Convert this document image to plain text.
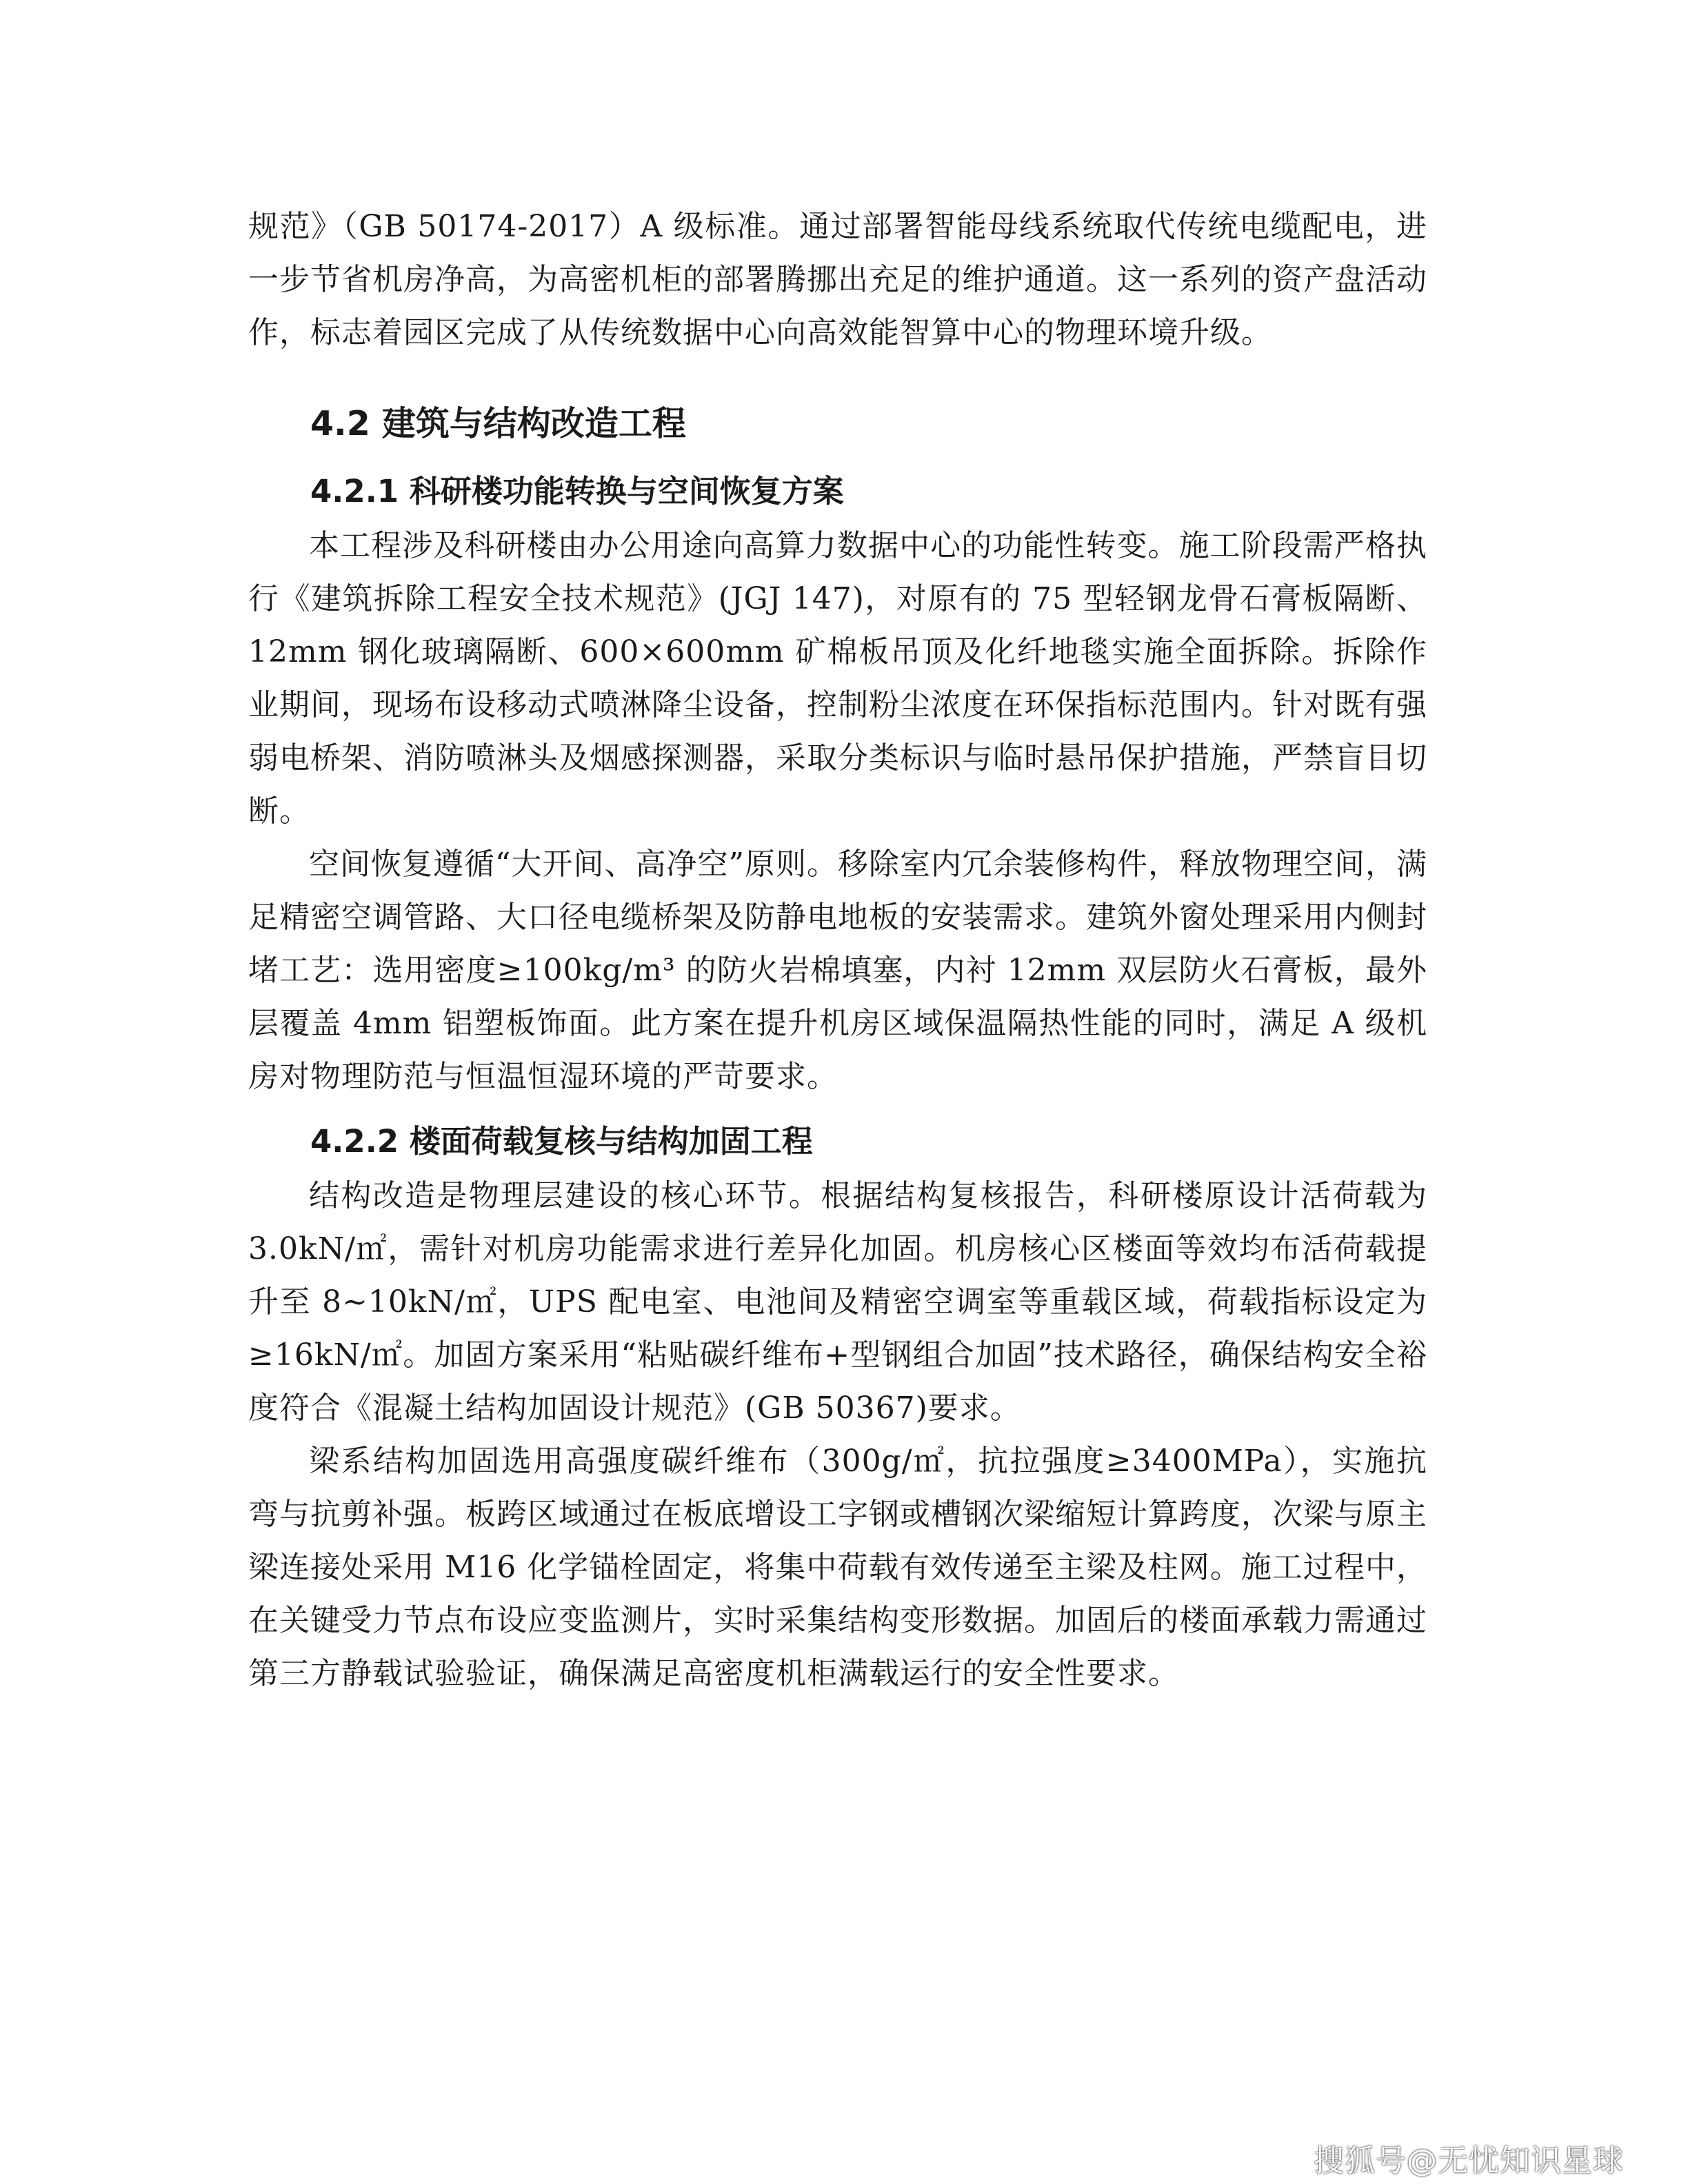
规范》（GB 50174-2017）A 级标准。通过部署智能母线系统取代传统电缆配电，进一步节省机房净高，为高密机柜的部署腾挪出充足的维护通道。这一系列的资产盘活动作，标志着园区完成了从传统数据中心向高效能智算中心的物理环境升级。

4.2 建筑与结构改造工程
4.2.1 科研楼功能转换与空间恢复方案

本工程涉及科研楼由办公用途向高算力数据中心的功能性转变。施工阶段需严格执行《建筑拆除工程安全技术规范》(JGJ 147)，对原有的 75 型轻钢龙骨石膏板隔断、12mm 钢化玻璃隔断、600×600mm 矿棉板吊顶及化纤地毯实施全面拆除。拆除作业期间，现场布设移动式喷淋降尘设备，控制粉尘浓度在环保指标范围内。针对既有强弱电桥架、消防喷淋头及烟感探测器，采取分类标识与临时悬吊保护措施，严禁盲目切断。

空间恢复遵循“大开间、高净空”原则。移除室内冗余装修构件，释放物理空间，满足精密空调管路、大口径电缆桥架及防静电地板的安装需求。建筑外窗处理采用内侧封堵工艺：选用密度≥100kg/m³ 的防火岩棉填塞，内衬 12mm 双层防火石膏板，最外层覆盖 4mm 铝塑板饰面。此方案在提升机房区域保温隔热性能的同时，满足 A 级机房对物理防范与恒温恒湿环境的严苛要求。

4.2.2 楼面荷载复核与结构加固工程

结构改造是物理层建设的核心环节。根据结构复核报告，科研楼原设计活荷载为 3.0kN/㎡，需针对机房功能需求进行差异化加固。机房核心区楼面等效均布活荷载提升至 8~10kN/㎡，UPS 配电室、电池间及精密空调室等重载区域，荷载指标设定为≥16kN/㎡。加固方案采用“粘贴碳纤维布+型钢组合加固”技术路径，确保结构安全裕度符合《混凝土结构加固设计规范》(GB 50367)要求。

梁系结构加固选用高强度碳纤维布（300g/㎡，抗拉强度≥3400MPa），实施抗弯与抗剪补强。板跨区域通过在板底增设工字钢或槽钢次梁缩短计算跨度，次梁与原主梁连接处采用 M16 化学锚栓固定，将集中荷载有效传递至主梁及柱网。施工过程中，在关键受力节点布设应变监测片，实时采集结构变形数据。加固后的楼面承载力需通过第三方静载试验验证，确保满足高密度机柜满载运行的安全性要求。

搜狐号@无忧知识星球
